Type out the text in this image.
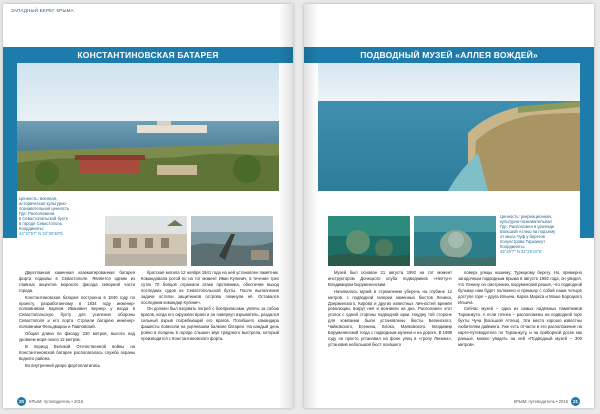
ЗАПАДНЫЙ БЕРЕГ КРЫМА
КОНСТАНТИНОВСКАЯ БАТАРЕЯ
Ценность: военная,
историческая культурно-
познавательная ценность
Где: Расположена
в Севастопольской бухте
в городе Севастополь
Координаты:
44°37'57" N 33°30'48"E

Двухэтажная каменная казематированная батарея форта подковы в Севастополе. Является одним из главных акцентов морского фасада северной части города.

Константиновская батарея построена в 1840 году по проекту, разработанному в 1834 году инженер-полковником Карлом Иванович Бернер у входа в Севастопольскую бухту для усиления обороны Севастополя и его порта. Строили батарею инженер-полковники Фельдмаран и Павловский.

Общая длина по фасаду 230 метров, высота над уровнем моря около 12 метров.

В период Великой Отечественной войны на Константиновской батарее располагалась служба охраны водного района.

Во внутренней дворе фортоплатились

братская могила 12 ноября 1941 года на ней установлен памятник. Командовала ротой по на тот момент Иван Кулинич, в течение трех суток 70 бойцов отражали атаки противника, обеспечив выход последних судов из Севастопольской бухты. После выполнения задачи остатки защитников острова покинули её. Оставался последним командир Кулинич.

Он должен был взорвать погреб с боеприпасами, увлечь за собою врагов, когда его окружили враги и он повернул взрыватель, раздался сильный взрыв погребающий его врагов. Погибшего командира фашисты повесили на уцелевшем балконе батареи. На каждый день ровно в полдень в городе слышен звук траурного выстрела, который производится с Константиновского форта.

20	КРЫМ: путеводитель • 2016
ПОДВОДНЫЙ МУЗЕЙ «АЛЛЕЯ ВОЖДЕЙ»
Ценность: рекреационная,
культурно-познавательная
Где: Расположен в урочище
Большой Атлеш на подъему
от мыса Чуф у берегов
полуострова Тарханкут
Координаты:
45°20'7" N 32°29'15"E

Музей был основан 21 августа 1992 на тот момент инструктором Донецкого клуба подводников «Нептун» Владимиром Борумененским.

Начиналось музей в стремлении уберечь на глубине 12 метров, с подводной галереи каменных бюстов Ленина, Дзержинского, Кирова и других известных личностей времён революции, вокруг неё и возникли на дне. Расположен этот уголок с одной стороны подводной арки. Наудну той стороне для компании были установлены бюсты Белинского, Чайковского, Есенина, Блока, Маяковского. Владимир Борумененский тогда с подводным музеем и на дороге. В 1998 году он просто установил на фоне улиц в «тропу Ленина», установив небольшой бюст осевшего

поверх улицы нашему: Турецкому берегу. Но, примерно загадочным подводным Крыма в августе 1992 года, он увидел, что Ленину он смотрению, Боруменский решил, что подводной бульвар нам будет положено и премьер с собой наши четыре доступе горе – друга Ильича, Карла Маркса и Моше Бороцкого Ильича.

Сейчас музей – одна из самых надёжных памятников Тарханкута. А если точнее – расположены на подводной горе бухты Чуча (Большой Атлеш). Эти место хорошо известны любителям дайвинга. Уже есть отчасти и его расположение на карте-путеводителе по Тарханкуту, и на приборной доске как раньше, можно увидеть на ней «Подводный музей – 300 метров».

КРЫМ: путеводитель • 2016	21
